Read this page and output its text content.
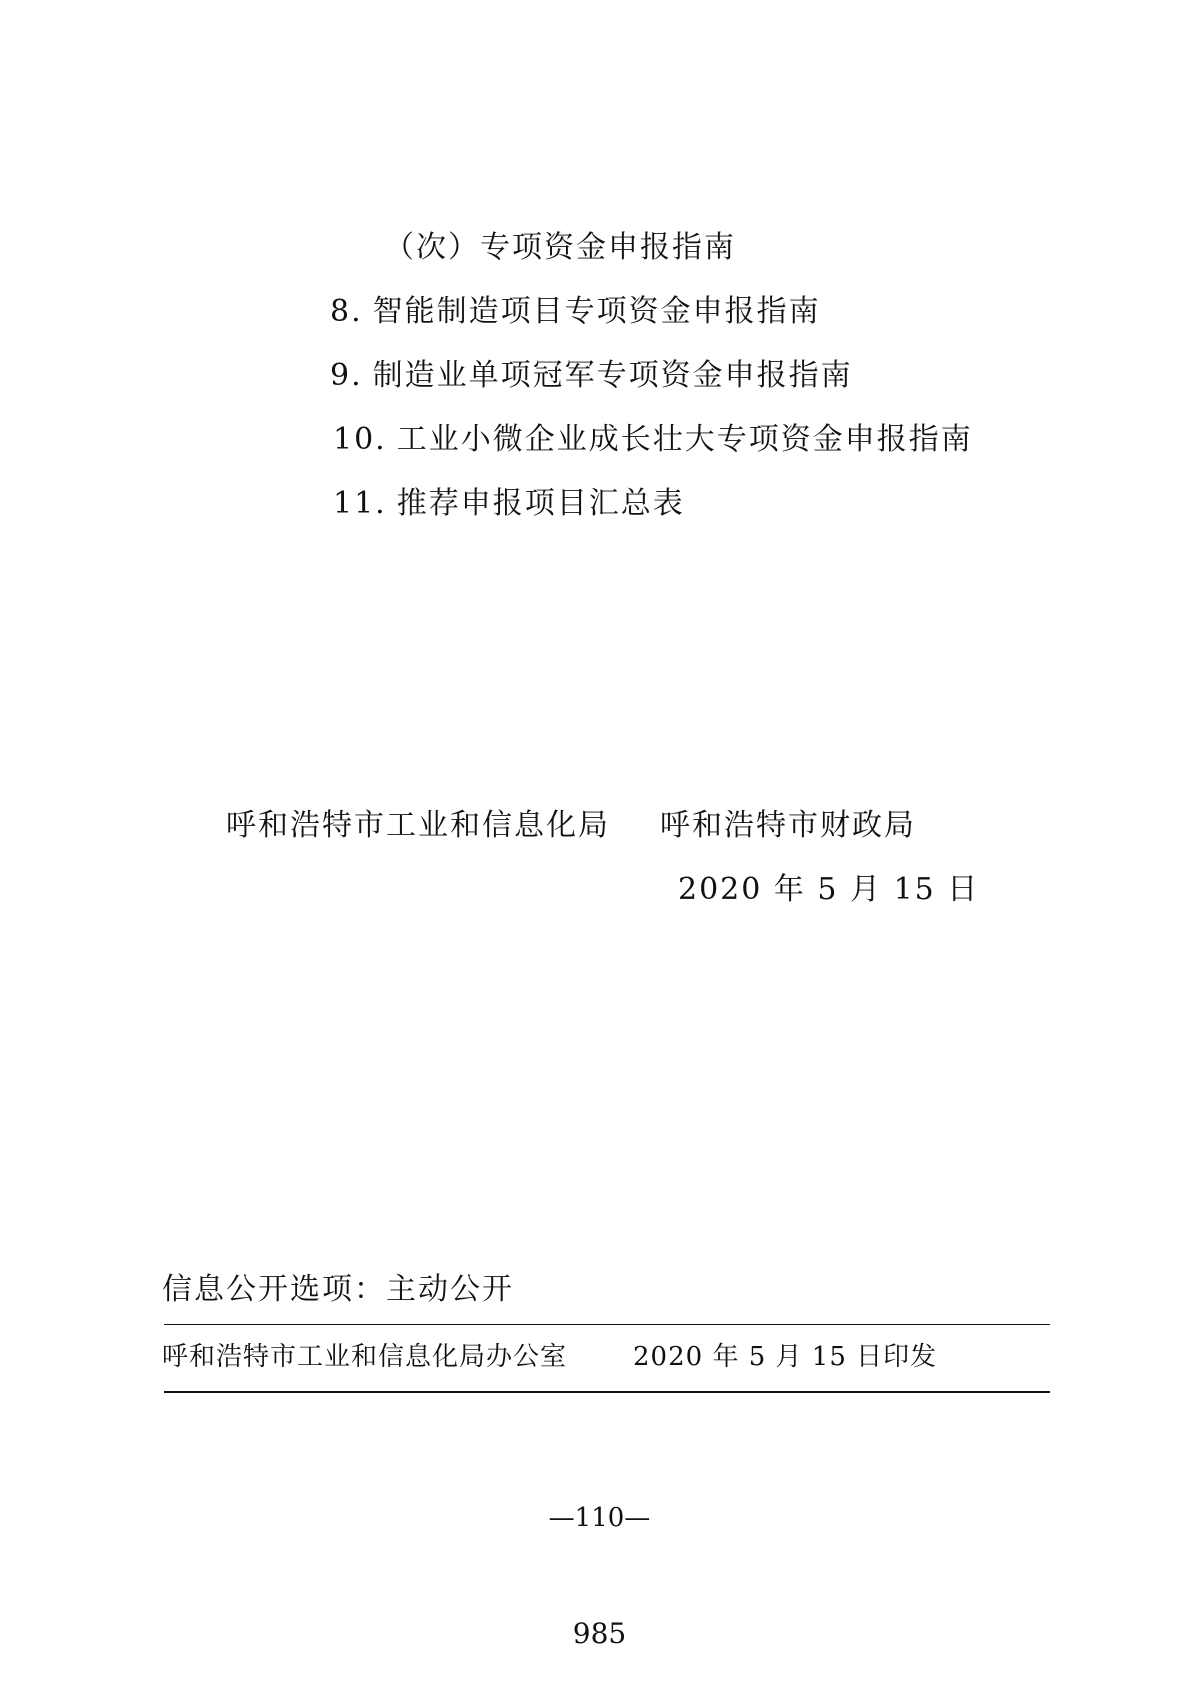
（次）专项资金申报指南
8. 智能制造项目专项资金申报指南
9. 制造业单项冠军专项资金申报指南
10. 工业小微企业成长壮大专项资金申报指南
11. 推荐申报项目汇总表
呼和浩特市工业和信息化局 呼和浩特市财政局
2020 年 5 月 15 日
信息公开选项：主动公开
呼和浩特市工业和信息化局办公室	2020 年 5 月 15 日印发
—110—
985
